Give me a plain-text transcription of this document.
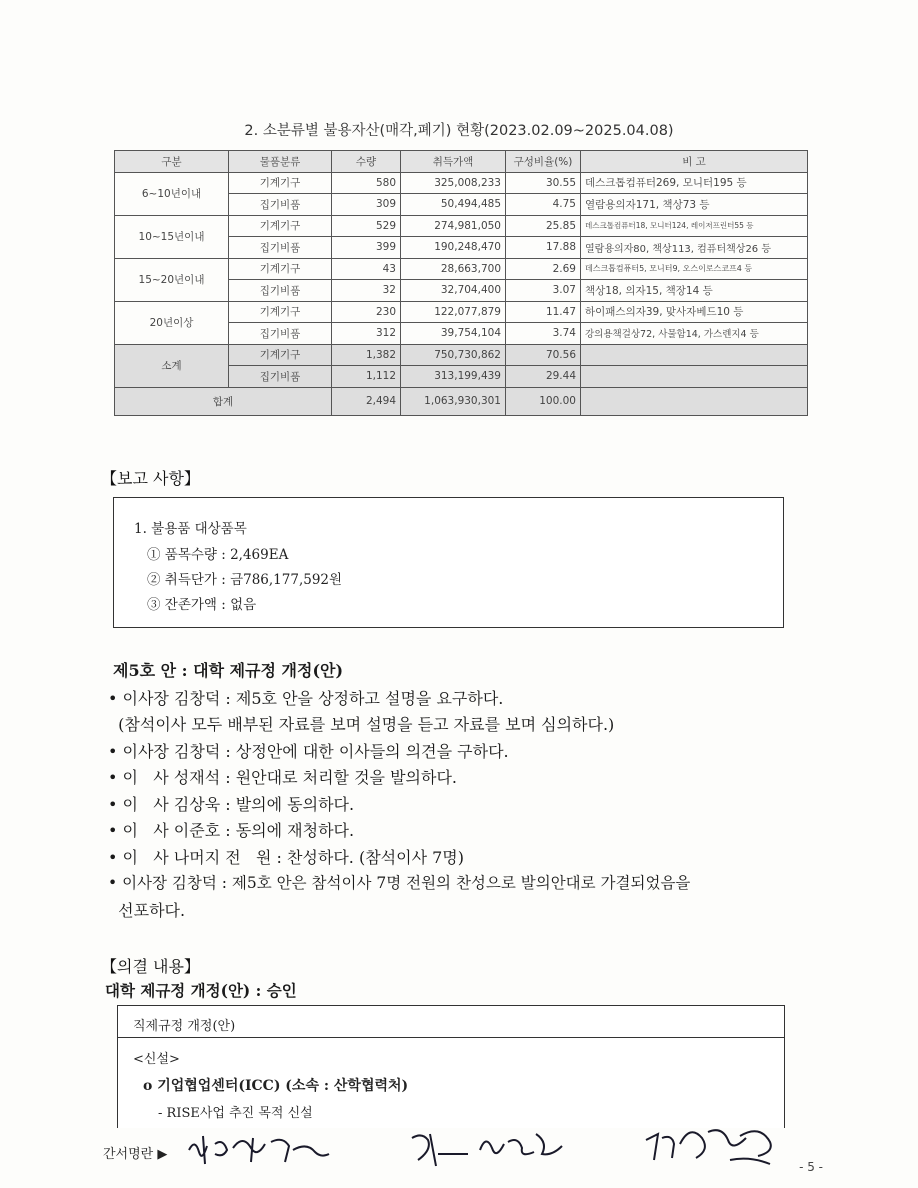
2. 소분류별 불용자산(매각,폐기) 현황(2023.02.09~2025.04.08)
구분	물품분류	수량	취득가액	구성비율(%)	비 고
6~10년이내	기계기구	580	325,008,233	30.55	데스크톱컴퓨터269, 모니터195 등
	집기비품	309	50,494,485	4.75	열람용의자171, 책상73 등
10~15년이내	기계기구	529	274,981,050	25.85	데스크톱컴퓨터18, 모니터124, 레이저프린터55 등
	집기비품	399	190,248,470	17.88	열람용의자80, 책상113, 컴퓨터책상26 등
15~20년이내	기계기구	43	28,663,700	2.69	데스크톱컴퓨터5, 모니터9, 오스이로스코프4 등
	집기비품	32	32,704,400	3.07	책상18, 의자15, 책장14 등
20년이상	기계기구	230	122,077,879	11.47	하이패스의자39, 맞사자베드10 등
	집기비품	312	39,754,104	3.74	강의용책걸상72, 사물함14, 가스렌지4 등
소계	기계기구	1,382	750,730,862	70.56	
	집기비품	1,112	313,199,439	29.44	
합계		2,494	1,063,930,301	100.00	
【보고 사항】
1. 불용품 대상품목
① 품목수량 : 2,469EA
② 취득단가 : 금786,177,592원
③ 잔존가액 : 없음
제5호 안 : 대학 제규정 개정(안)
• 이사장 김창덕 : 제5호 안을 상정하고 설명을 요구하다.
(참석이사 모두 배부된 자료를 보며 설명을 듣고 자료를 보며 심의하다.)
• 이사장 김창덕 : 상정안에 대한 이사들의 의견을 구하다.
• 이   사 성재석 : 원안대로 처리할 것을 발의하다.
• 이   사 김상욱 : 발의에 동의하다.
• 이   사 이준호 : 동의에 재청하다.
• 이   사 나머지 전   원 : 찬성하다. (참석이사 7명)
• 이사장 김창덕 : 제5호 안은 참석이사 7명 전원의 찬성으로 발의안대로 가결되었음을
선포하다.
【의결 내용】
대학 제규정 개정(안) : 승인
직제규정 개정(안)
<신설>
o 기업협업센터(ICC) (소속 : 산학협력처)
- RISE사업 추진 목적 신설
간서명란 ▶
- 5 -
